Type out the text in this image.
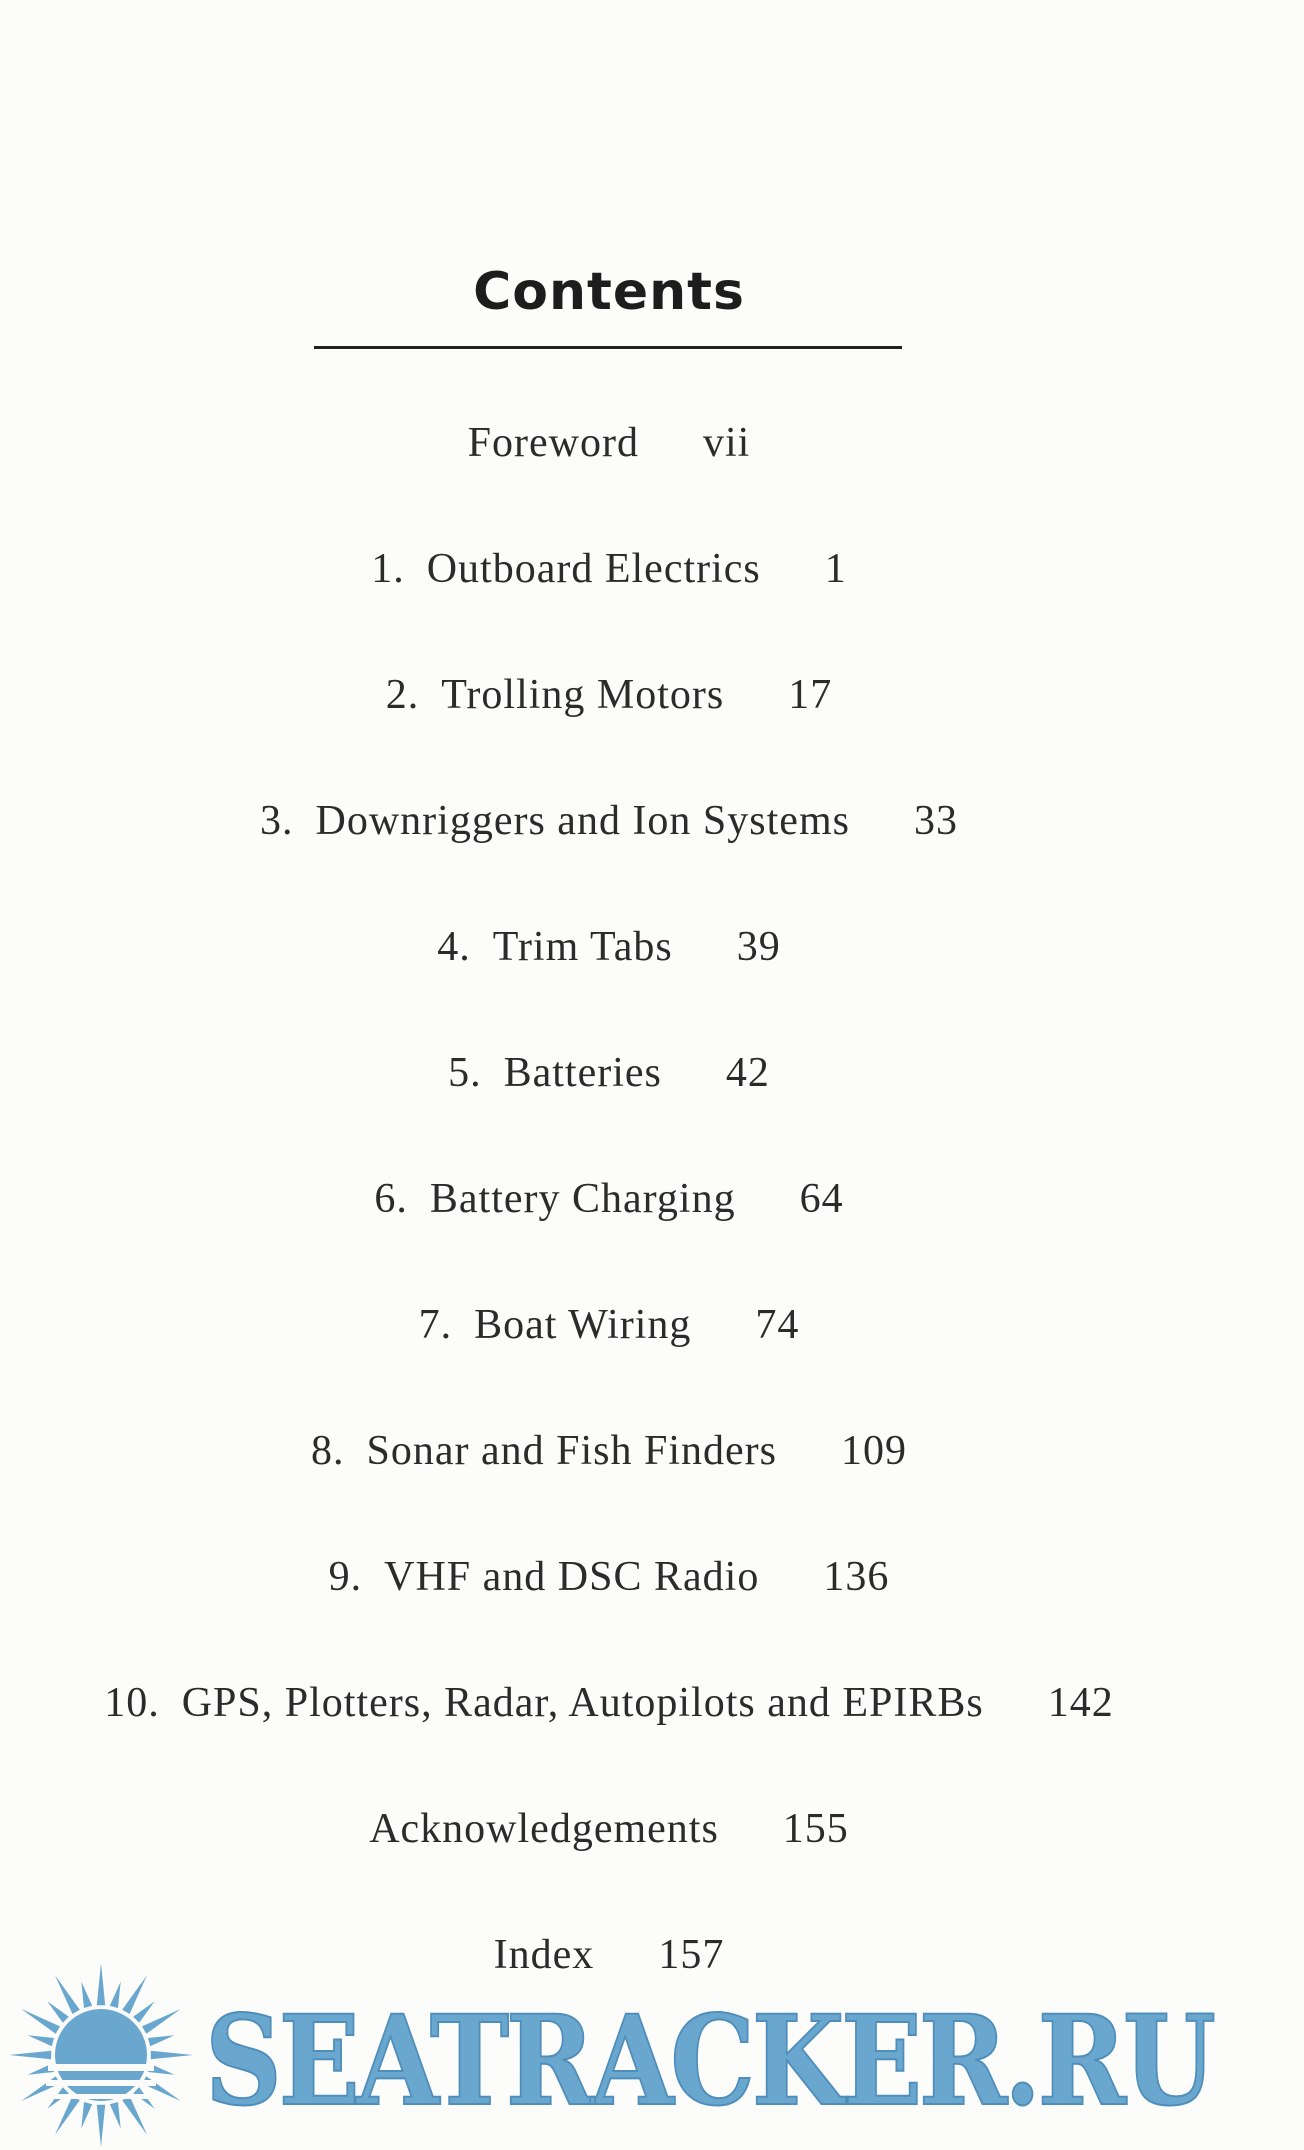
Contents
Foreword vii
1. Outboard Electrics 1
2. Trolling Motors 17
3. Downriggers and Ion Systems 33
4. Trim Tabs 39
5. Batteries 42
6. Battery Charging 64
7. Boat Wiring 74
8. Sonar and Fish Finders 109
9. VHF and DSC Radio 136
10. GPS, Plotters, Radar, Autopilots and EPIRBs 142
Acknowledgements 155
Index 157
SEATRACKER.RU
